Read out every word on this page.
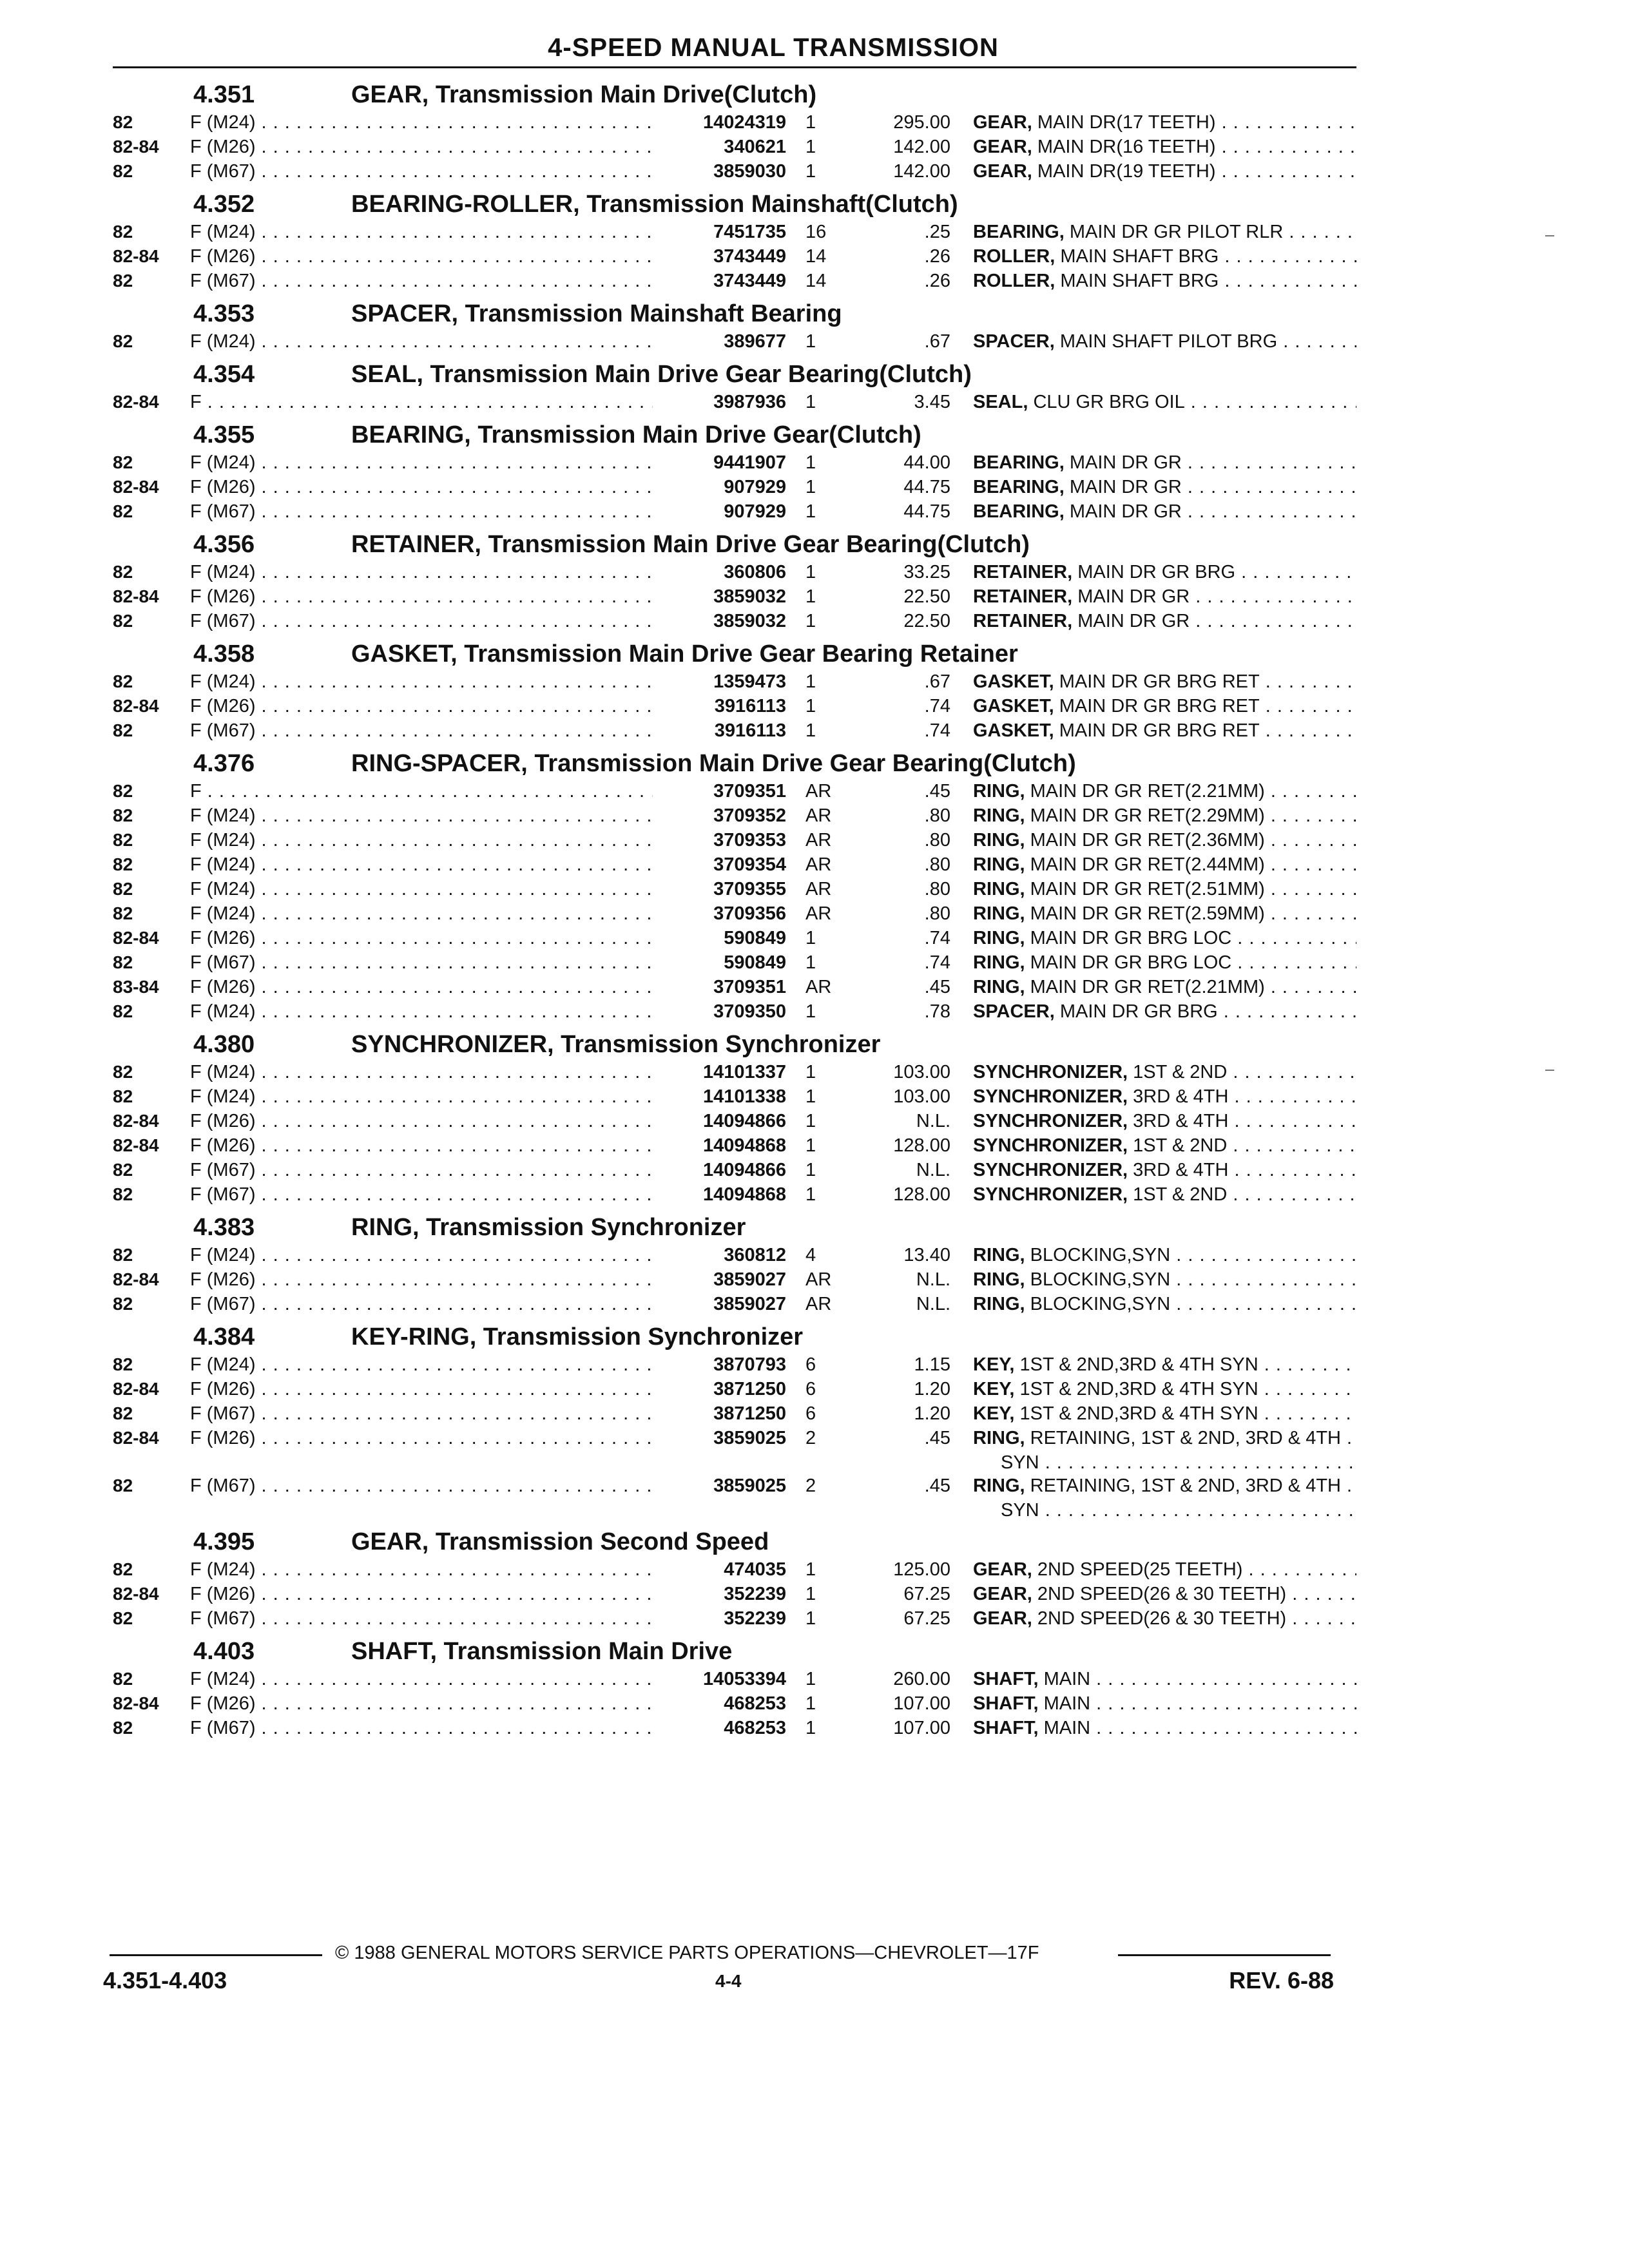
4-SPEED MANUAL TRANSMISSION
4.351	GEAR, Transmission Main Drive(Clutch)
82	F (M24) . . .	14024319 1	295.00 GEAR, MAIN DR(17 TEETH) . . .
82-84 F (M26) . . .	340621 1	142.00 GEAR, MAIN DR(16 TEETH) . . .
82	F (M67) . . .	3859030 1	142.00 GEAR, MAIN DR(19 TEETH) . . .
4.352	BEARING-ROLLER, Transmission Mainshaft(Clutch)
82	F (M24) . . .	7451735 16	.25 BEARING, MAIN DR GR PILOT RLR . . .
82-84 F (M26) . . .	3743449 14	.26 ROLLER, MAIN SHAFT BRG . . .
82	F (M67) . . .	3743449 14	.26 ROLLER, MAIN SHAFT BRG . . .
4.353	SPACER, Transmission Mainshaft Bearing
82	F (M24) . . .	389677 1	.67 SPACER, MAIN SHAFT PILOT BRG . . .
4.354	SEAL, Transmission Main Drive Gear Bearing(Clutch)
82-84 F . . .	3987936 1	3.45 SEAL, CLU GR BRG OIL . . .
4.355	BEARING, Transmission Main Drive Gear(Clutch)
82	F (M24) . . .	9441907 1	44.00 BEARING, MAIN DR GR . . .
82-84 F (M26) . . .	907929 1	44.75 BEARING, MAIN DR GR . . .
82	F (M67) . . .	907929 1	44.75 BEARING, MAIN DR GR . . .
4.356	RETAINER, Transmission Main Drive Gear Bearing(Clutch)
82	F (M24) . . .	360806 1	33.25 RETAINER, MAIN DR GR BRG . . .
82-84 F (M26) . . .	3859032 1	22.50 RETAINER, MAIN DR GR . . .
82	F (M67) . . .	3859032 1	22.50 RETAINER, MAIN DR GR . . .
4.358	GASKET, Transmission Main Drive Gear Bearing Retainer
82	F (M24) . . .	1359473 1	.67 GASKET, MAIN DR GR BRG RET . . .
82-84 F (M26) . . .	3916113 1	.74 GASKET, MAIN DR GR BRG RET . . .
82	F (M67) . . .	3916113 1	.74 GASKET, MAIN DR GR BRG RET . . .
4.376	RING-SPACER, Transmission Main Drive Gear Bearing(Clutch)
82	F . . .	3709351 AR	.45 RING, MAIN DR GR RET(2.21MM) . . .
82	F (M24) . . .	3709352 AR	.80 RING, MAIN DR GR RET(2.29MM) . . .
82	F (M24) . . .	3709353 AR	.80 RING, MAIN DR GR RET(2.36MM) . . .
82	F (M24) . . .	3709354 AR	.80 RING, MAIN DR GR RET(2.44MM) . . .
82	F (M24) . . .	3709355 AR	.80 RING, MAIN DR GR RET(2.51MM) . . .
82	F (M24) . . .	3709356 AR	.80 RING, MAIN DR GR RET(2.59MM) . . .
82-84 F (M26) . . .	590849 1	.74 RING, MAIN DR GR BRG LOC . . .
82	F (M67) . . .	590849 1	.74 RING, MAIN DR GR BRG LOC . . .
83-84 F (M26) . . .	3709351 AR	.45 RING, MAIN DR GR RET(2.21MM) . . .
82	F (M24) . . .	3709350 1	.78 SPACER, MAIN DR GR BRG . . .
4.380	SYNCHRONIZER, Transmission Synchronizer
82	F (M24) . . .	14101337 1	103.00 SYNCHRONIZER, 1ST & 2ND . . .
82	F (M24) . . .	14101338 1	103.00 SYNCHRONIZER, 3RD & 4TH . . .
82-84 F (M26) . . .	14094866 1	N.L. SYNCHRONIZER, 3RD & 4TH . . .
82-84 F (M26) . . .	14094868 1	128.00 SYNCHRONIZER, 1ST & 2ND . . .
82	F (M67) . . .	14094866 1	N.L. SYNCHRONIZER, 3RD & 4TH . . .
82	F (M67) . . .	14094868 1	128.00 SYNCHRONIZER, 1ST & 2ND . . .
4.383	RING, Transmission Synchronizer
82	F (M24) . . .	360812 4	13.40 RING, BLOCKING,SYN . . .
82-84 F (M26) . . .	3859027 AR	N.L. RING, BLOCKING,SYN . . .
82	F (M67) . . .	3859027 AR	N.L. RING, BLOCKING,SYN . . .
4.384	KEY-RING, Transmission Synchronizer
82	F (M24) . . .	3870793 6	1.15 KEY, 1ST & 2ND,3RD & 4TH SYN . . .
82-84 F (M26) . . .	3871250 6	1.20 KEY, 1ST & 2ND,3RD & 4TH SYN . . .
82	F (M67) . . .	3871250 6	1.20 KEY, 1ST & 2ND,3RD & 4TH SYN . . .
82-84 F (M26) . . .	3859025 2	.45 RING, RETAINING, 1ST & 2ND, 3RD & 4TH . . .
SYN . . .
82	F (M67) . . .	3859025 2	.45 RING, RETAINING, 1ST & 2ND, 3RD & 4TH . . .
SYN . . .
4.395	GEAR, Transmission Second Speed
82	F (M24) . . .	474035 1	125.00 GEAR, 2ND SPEED(25 TEETH) . . .
82-84 F (M26) . . .	352239 1	67.25 GEAR, 2ND SPEED(26 & 30 TEETH) . . .
82	F (M67) . . .	352239 1	67.25 GEAR, 2ND SPEED(26 & 30 TEETH) . . .
4.403	SHAFT, Transmission Main Drive
82	F (M24) . . .	14053394 1	260.00 SHAFT, MAIN . . .
82-84 F (M26) . . .	468253 1	107.00 SHAFT, MAIN . . .
82	F (M67) . . .	468253 1	107.00 SHAFT, MAIN . . .
© 1988 GENERAL MOTORS SERVICE PARTS OPERATIONS—CHEVROLET—17F
4.351-4.403	4-4	REV. 6-88
